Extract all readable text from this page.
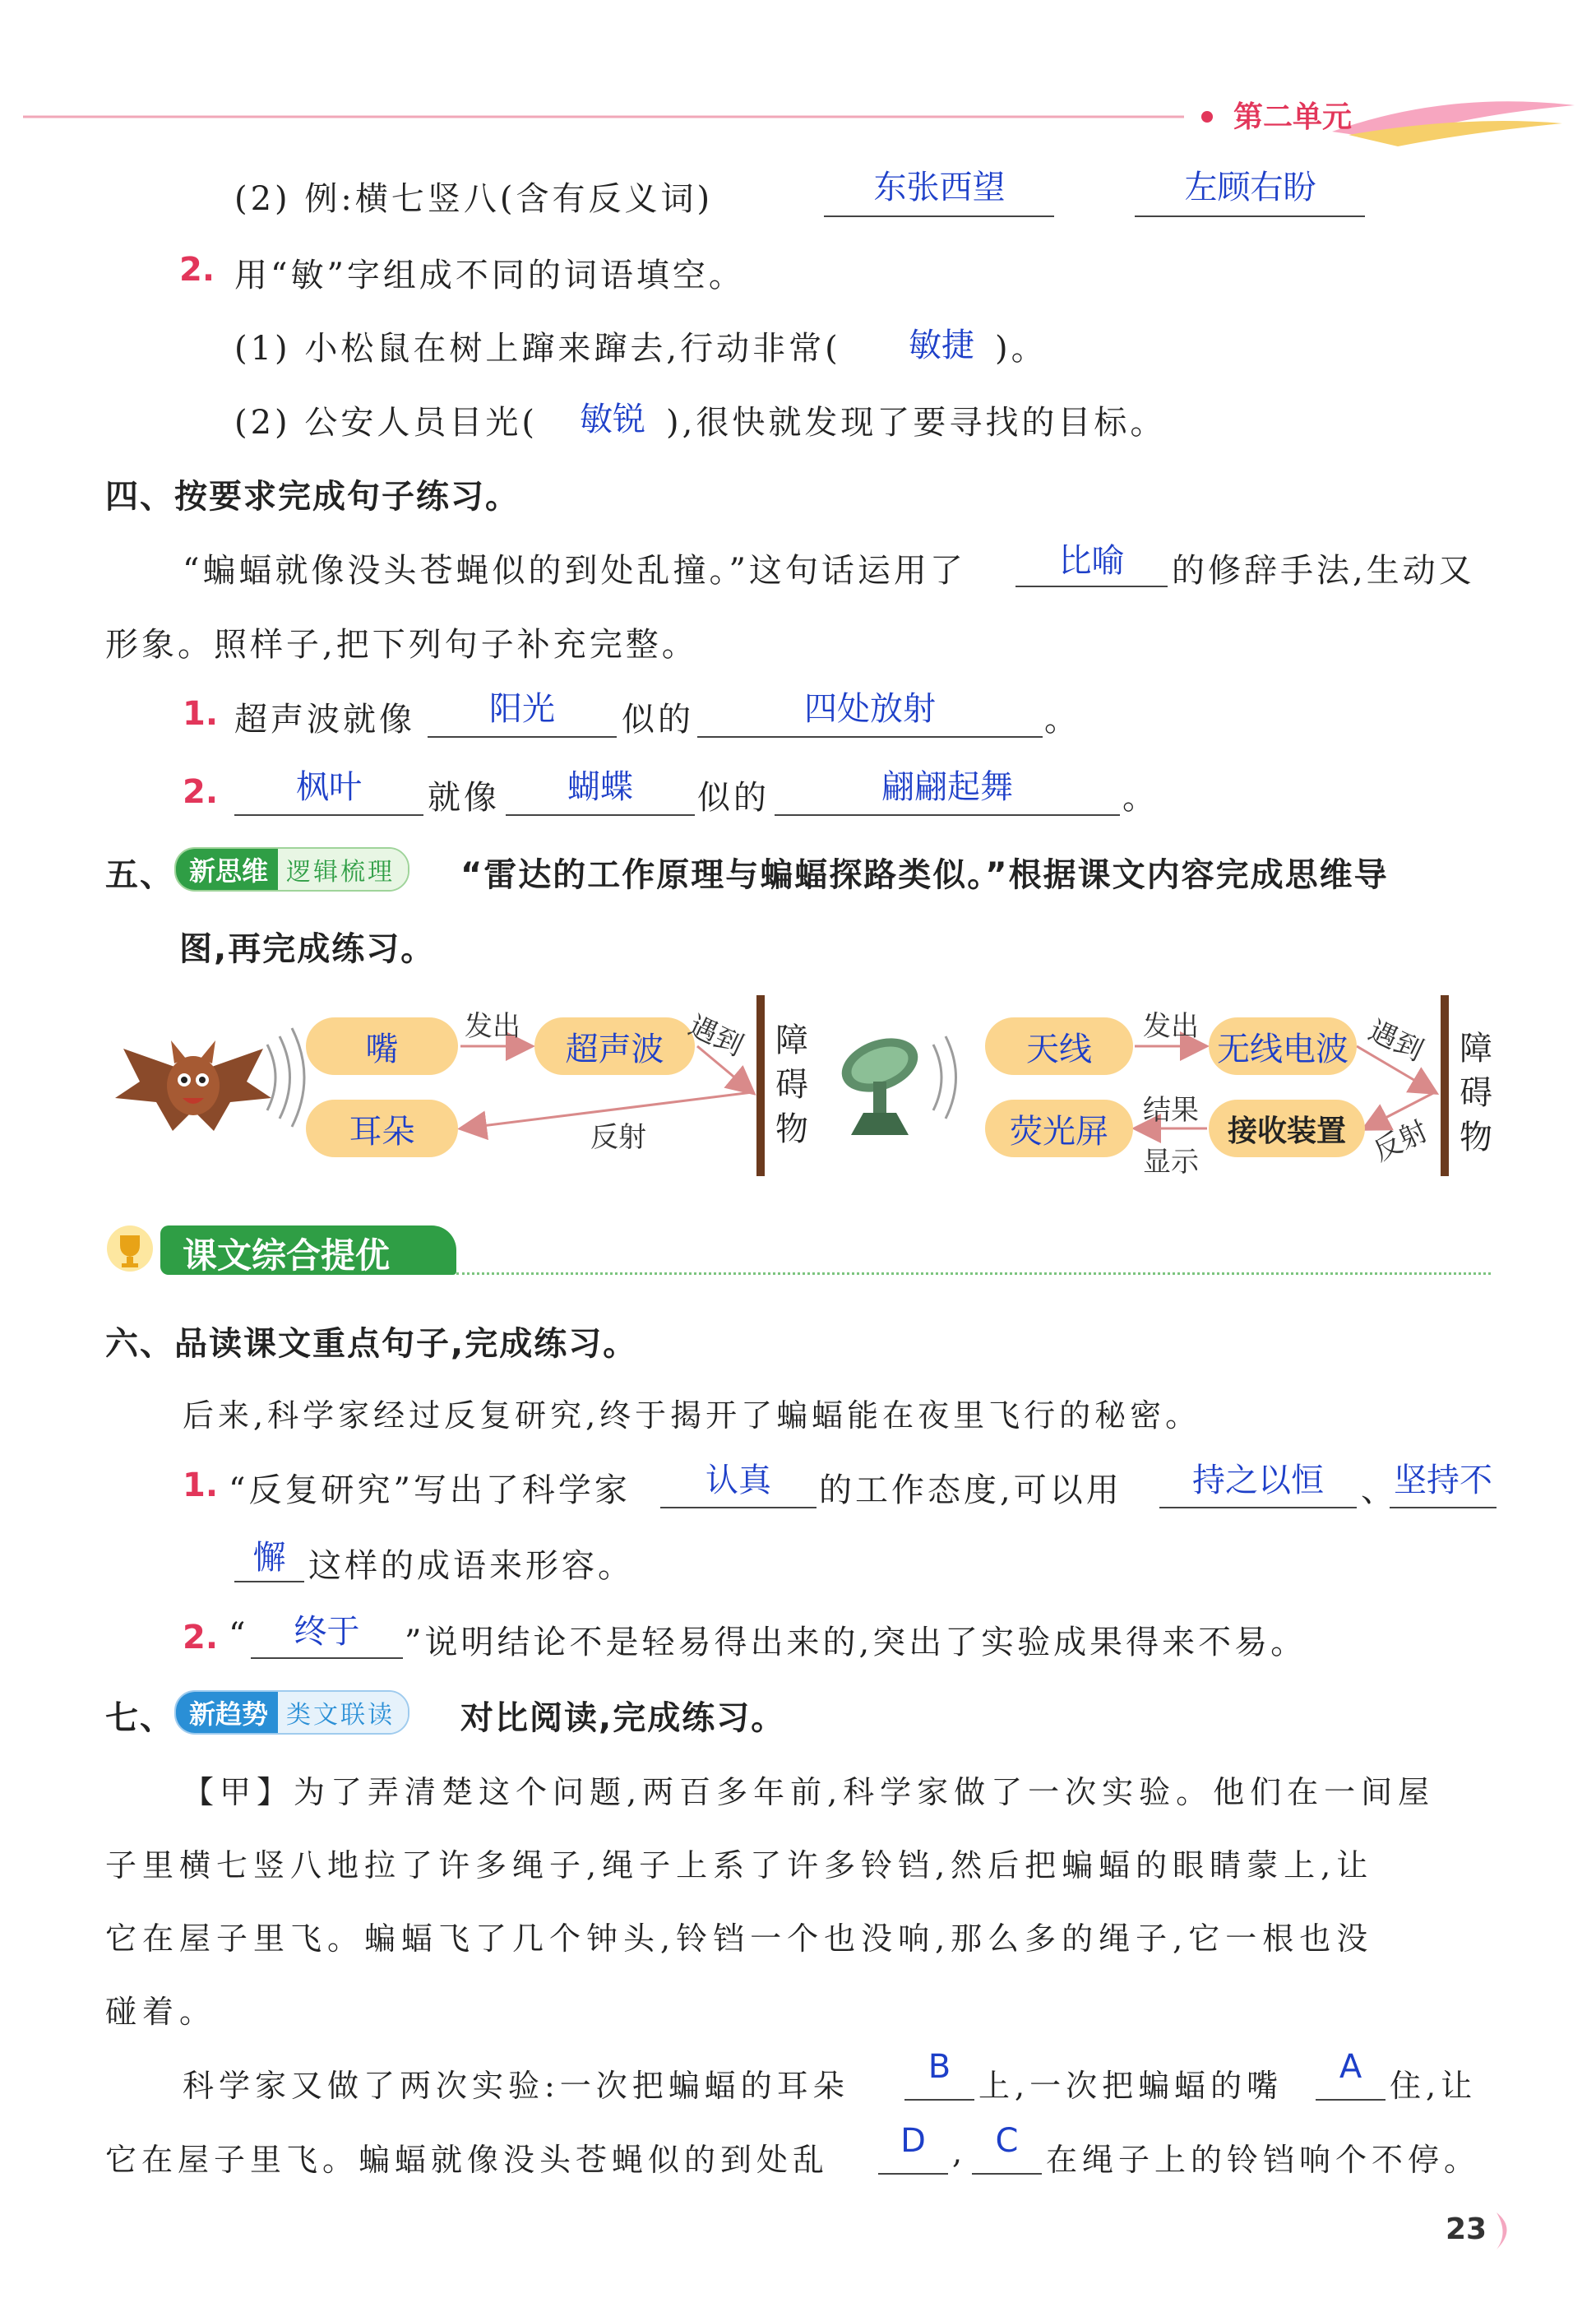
第二单元
(2) 例:横七竖八(含有反义词)	东张西望	左顾右盼
2. 用“敏”字组成不同的词语填空。
(1) 小松鼠在树上蹿来蹿去,行动非常(	敏捷 )。
(2) 公安人员目光(	敏锐 ),很快就发现了要寻找的目标。
四、按要求完成句子练习。
“蝙蝠就像没头苍蝇似的到处乱撞。”这句话运用了	比喻	的修辞手法,生动又
形象。照样子,把下列句子补充完整。
1. 超声波就像	阳光	似的	四处放射	。
2.	枫叶	就像	蝴蝶	似的	翩翩起舞	。
五、 新思维 逻辑梳理	“雷达的工作原理与蝙蝠探路类似。”根据课文内容完成思维导
图,再完成练习。
嘴	超声波
耳朵
发出	遇到
反射
障
碍
物
天线	无线电波
荧光屏	接收装置
发出	遇到
反射
结果
显示
障
碍
物
课文综合提优
六、品读课文重点句子,完成练习。
后来,科学家经过反复研究,终于揭开了蝙蝠能在夜里飞行的秘密。
1. “反复研究”写出了科学家	认真	的工作态度,可以用	持之以恒	、
坚持不
懈 这样的成语来形容。
2. “	终于	”说明结论不是轻易得出来的,突出了实验成果得来不易。
七、 新趋势 类文联读	对比阅读,完成练习。
【甲】为了弄清楚这个问题,两百多年前,科学家做了一次实验。他们在一间屋
子里横七竖八地拉了许多绳子,绳子上系了许多铃铛,然后把蝙蝠的眼睛蒙上,让
它在屋子里飞。蝙蝠飞了几个钟头,铃铛一个也没响,那么多的绳子,它一根也没
碰着。
科学家又做了两次实验:一次把蝙蝠的耳朵	B 上,一次把蝙蝠的嘴	A 住,让
它在屋子里飞。蝙蝠就像没头苍蝇似的到处乱	D , C 在绳子上的铃铛响个不停。
23
